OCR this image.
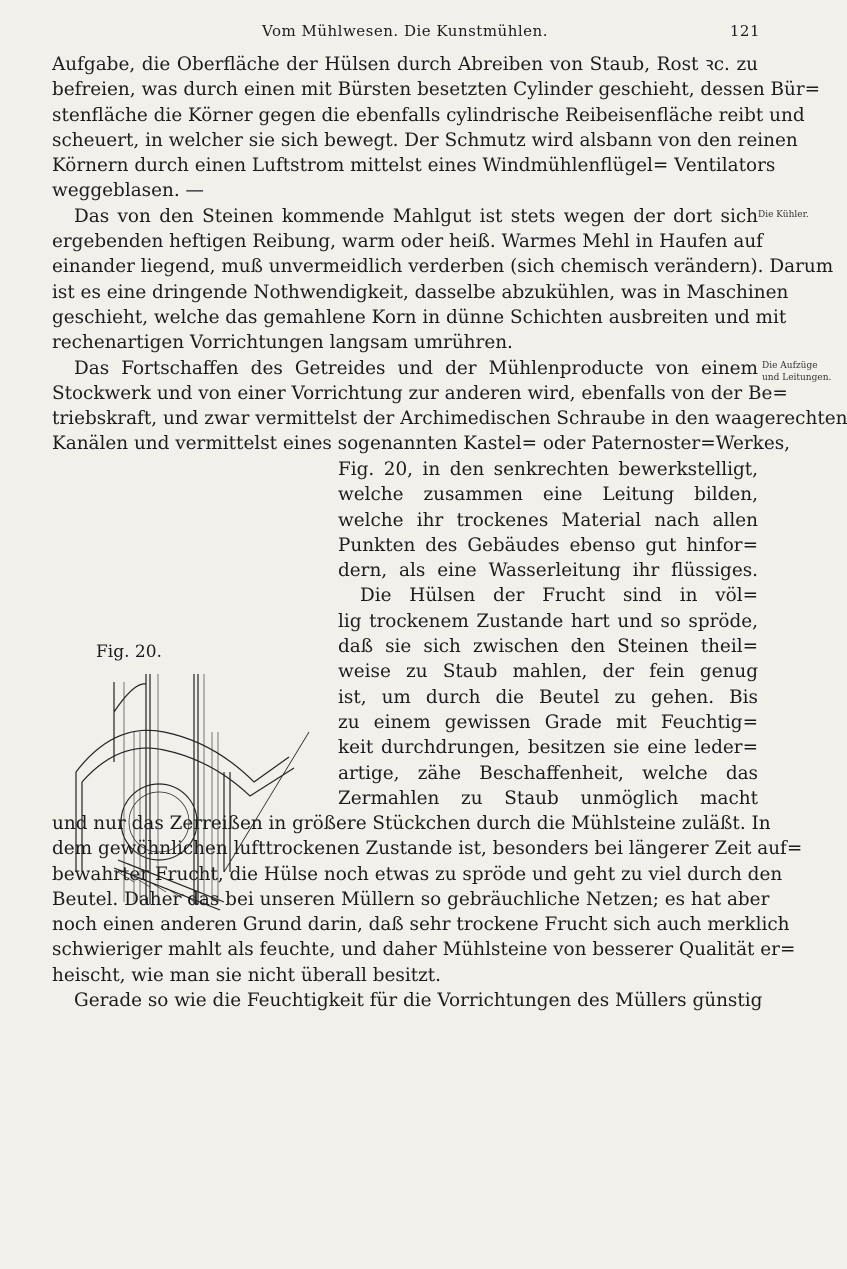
Vom Mühlwesen. Die Kunstmühlen.	121
Aufgabe, die Oberfläche der Hülsen durch Abreiben von Staub, Rost ꝛc. zu
befreien, was durch einen mit Bürsten besetzten Cylinder geschieht, dessen Bür=
stenfläche die Körner gegen die ebenfalls cylindrische Reibeisenfläche reibt und
scheuert, in welcher sie sich bewegt. Der Schmutz wird alsbann von den reinen
Körnern durch einen Luftstrom mittelst eines Windmühlenflügel= Ventilators
weggeblasen. —
Das von den Steinen kommende Mahlgut ist stets wegen der dort sich
ergebenden heftigen Reibung, warm oder heiß. Warmes Mehl in Haufen auf
einander liegend, muß unvermeidlich verderben (sich chemisch verändern). Darum
ist es eine dringende Nothwendigkeit, dasselbe abzukühlen, was in Maschinen
geschieht, welche das gemahlene Korn in dünne Schichten ausbreiten und mit
rechenartigen Vorrichtungen langsam umrühren.
Das Fortschaffen des Getreides und der Mühlenproducte von einem
Stockwerk und von einer Vorrichtung zur anderen wird, ebenfalls von der Be=
triebskraft, und zwar vermittelst der Archimedischen Schraube in den waagerechten
Kanälen und vermittelst eines sogenannten Kastel= oder Paternoster=Werkes,
Die Kühler.
Die Aufzüge
und Leitungen.
Fig. 20.
Fig. 20, in den senkrechten bewerkstelligt,
welche zusammen eine Leitung bilden,
welche ihr trockenes Material nach allen
Punkten des Gebäudes ebenso gut hinfor=
dern, als eine Wasserleitung ihr flüssiges.
Die Hülsen der Frucht sind in völ=
lig trockenem Zustande hart und so spröde,
daß sie sich zwischen den Steinen theil=
weise zu Staub mahlen, der fein genug
ist, um durch die Beutel zu gehen. Bis
zu einem gewissen Grade mit Feuchtig=
keit durchdrungen, besitzen sie eine leder=
artige, zähe Beschaffenheit, welche das
Zermahlen zu Staub unmöglich macht
und nur das Zerreißen in größere Stückchen durch die Mühlsteine zuläßt. In
dem gewöhnlichen lufttrockenen Zustande ist, besonders bei längerer Zeit auf=
bewahrter Frucht, die Hülse noch etwas zu spröde und geht zu viel durch den
Beutel. Daher das bei unseren Müllern so gebräuchliche Netzen; es hat aber
noch einen anderen Grund darin, daß sehr trockene Frucht sich auch merklich
schwieriger mahlt als feuchte, und daher Mühlsteine von besserer Qualität er=
heischt, wie man sie nicht überall besitzt.
Gerade so wie die Feuchtigkeit für die Vorrichtungen des Müllers günstig
